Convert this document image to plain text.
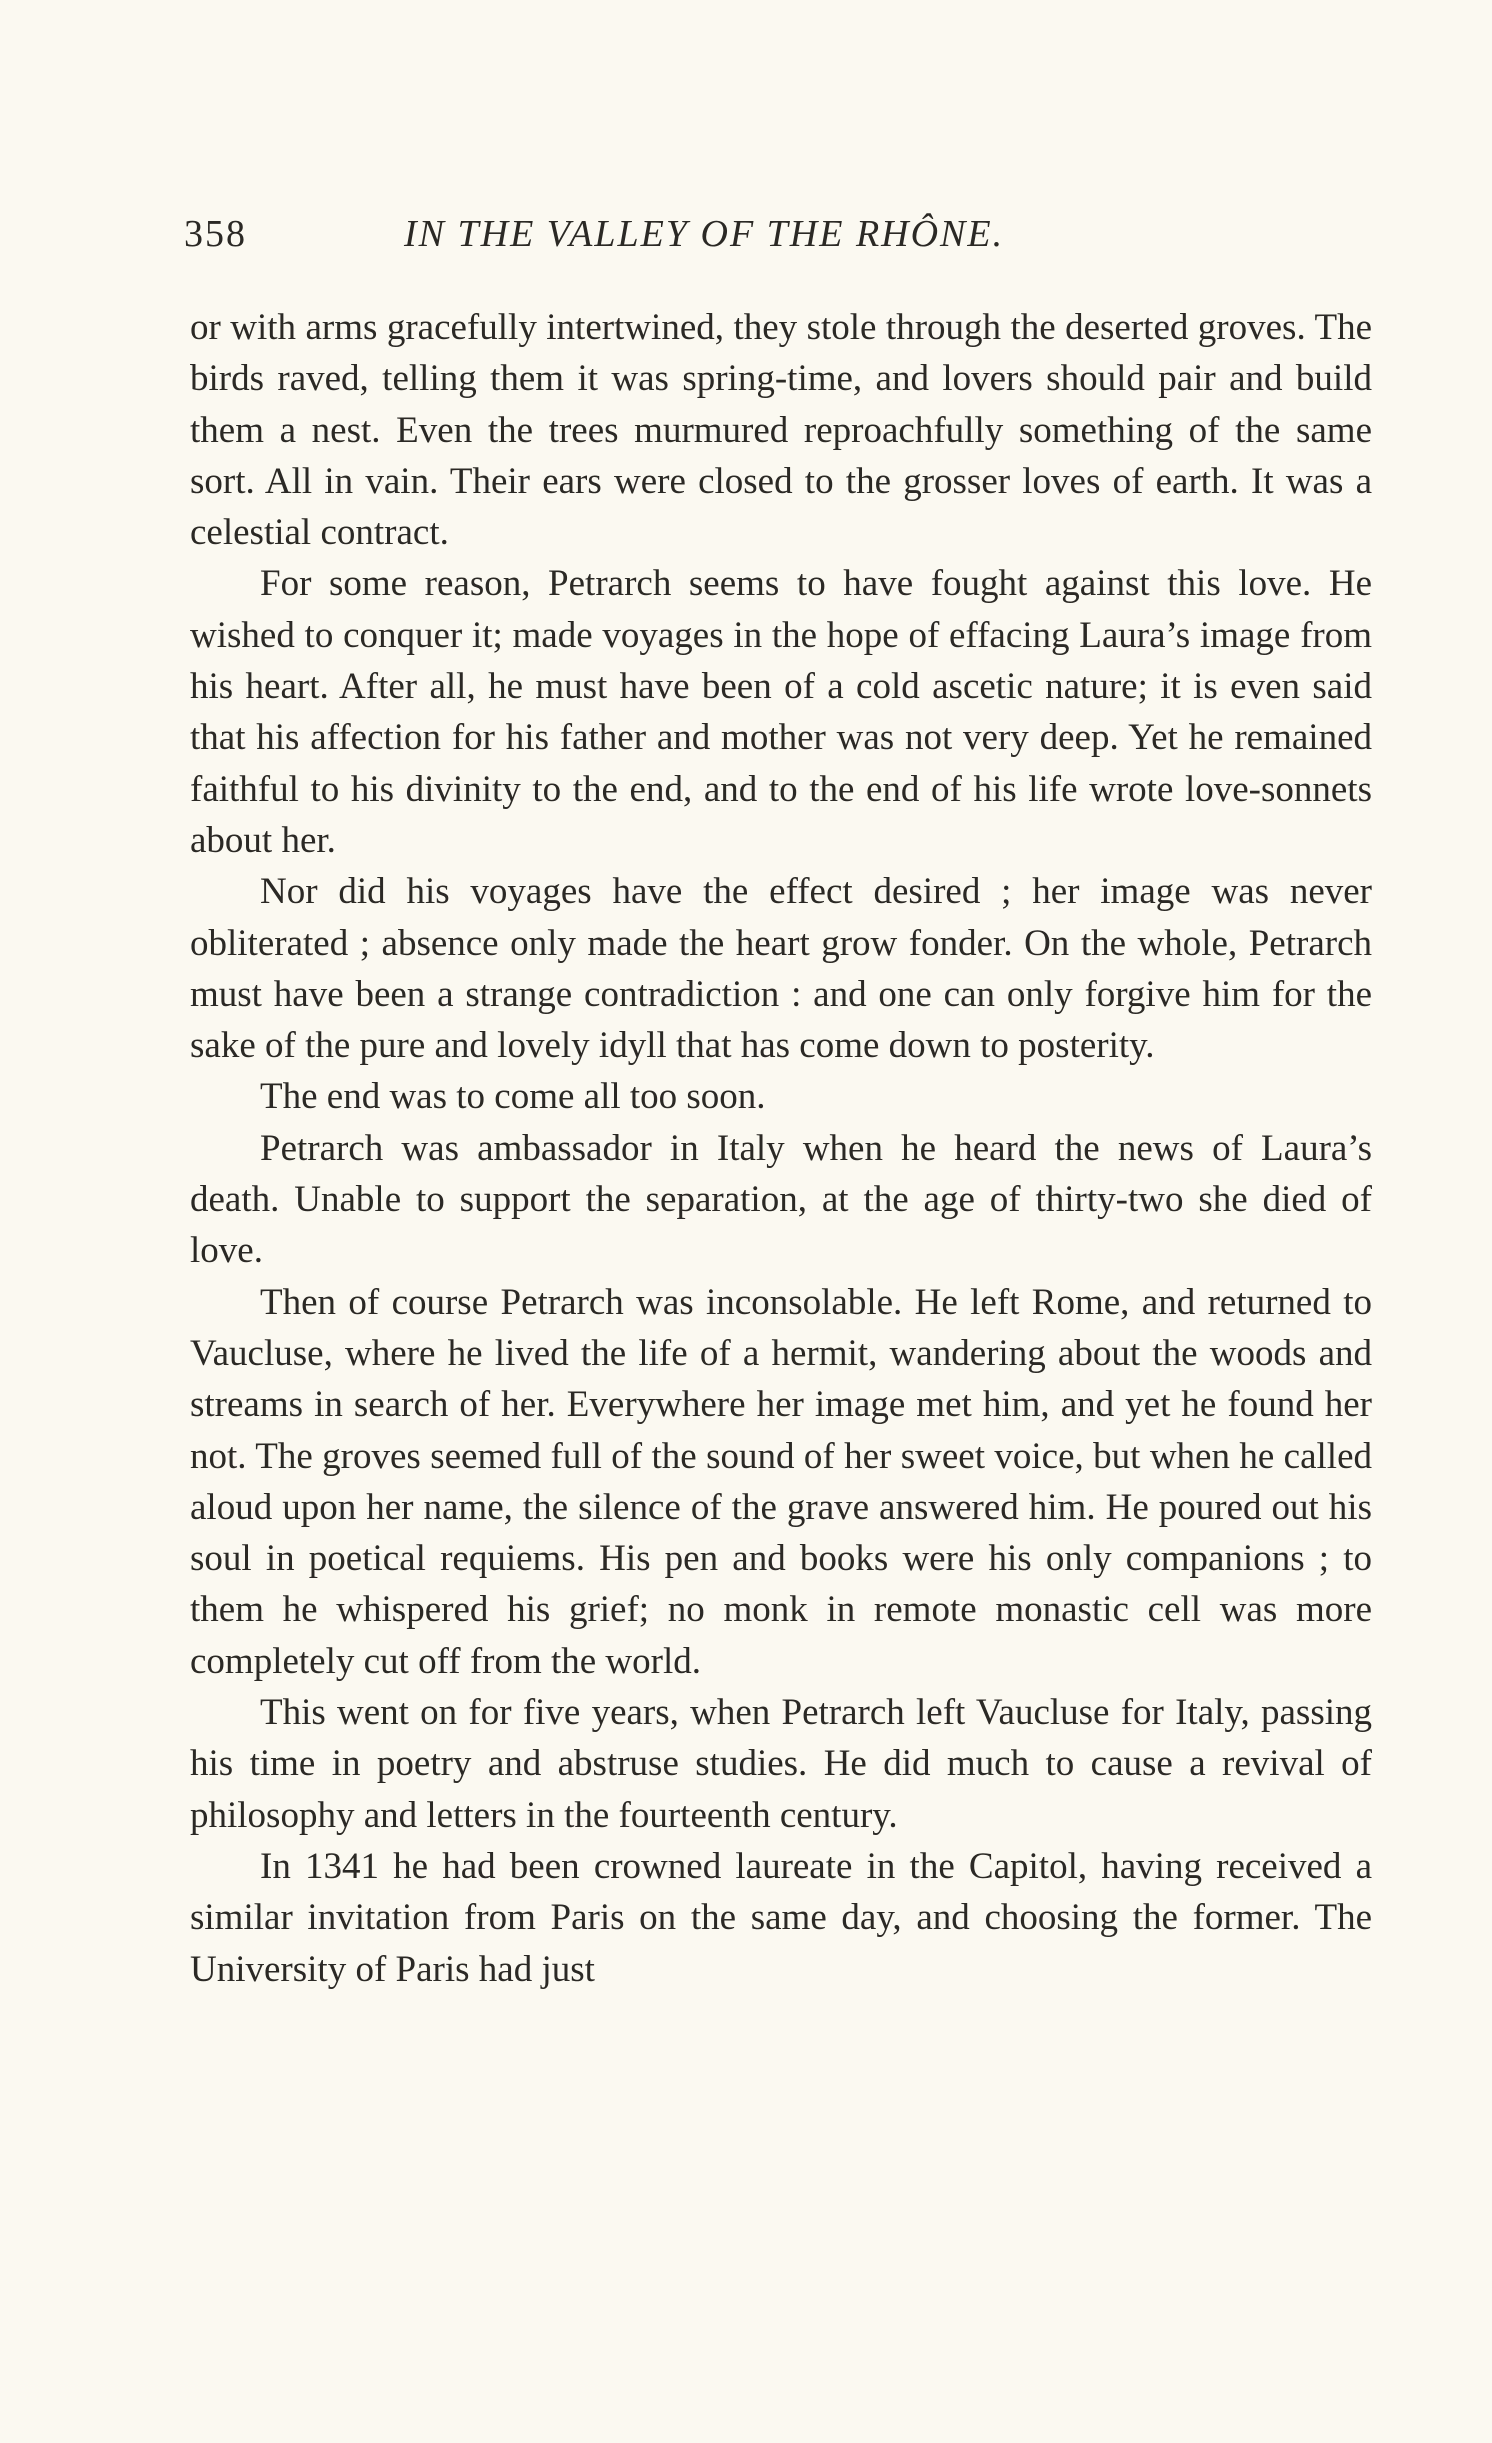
358	IN THE VALLEY OF THE RHÔNE.

or with arms gracefully intertwined, they stole through the deserted groves. The birds raved, telling them it was spring-time, and lovers should pair and build them a nest. Even the trees murmured reproachfully something of the same sort. All in vain. Their ears were closed to the grosser loves of earth. It was a celestial contract.

For some reason, Petrarch seems to have fought against this love. He wished to conquer it; made voyages in the hope of effacing Laura’s image from his heart. After all, he must have been of a cold ascetic nature; it is even said that his affection for his father and mother was not very deep. Yet he remained faithful to his divinity to the end, and to the end of his life wrote love-sonnets about her.

Nor did his voyages have the effect desired ; her image was never obliterated ; absence only made the heart grow fonder. On the whole, Petrarch must have been a strange contradiction : and one can only forgive him for the sake of the pure and lovely idyll that has come down to posterity.

The end was to come all too soon.

Petrarch was ambassador in Italy when he heard the news of Laura’s death. Unable to support the separation, at the age of thirty-two she died of love.

Then of course Petrarch was inconsolable. He left Rome, and returned to Vaucluse, where he lived the life of a hermit, wandering about the woods and streams in search of her. Everywhere her image met him, and yet he found her not. The groves seemed full of the sound of her sweet voice, but when he called aloud upon her name, the silence of the grave answered him. He poured out his soul in poetical requiems. His pen and books were his only companions ; to them he whispered his grief; no monk in remote monastic cell was more completely cut off from the world.

This went on for five years, when Petrarch left Vaucluse for Italy, passing his time in poetry and abstruse studies. He did much to cause a revival of philosophy and letters in the fourteenth century.

In 1341 he had been crowned laureate in the Capitol, having received a similar invitation from Paris on the same day, and choosing the former. The University of Paris had just
